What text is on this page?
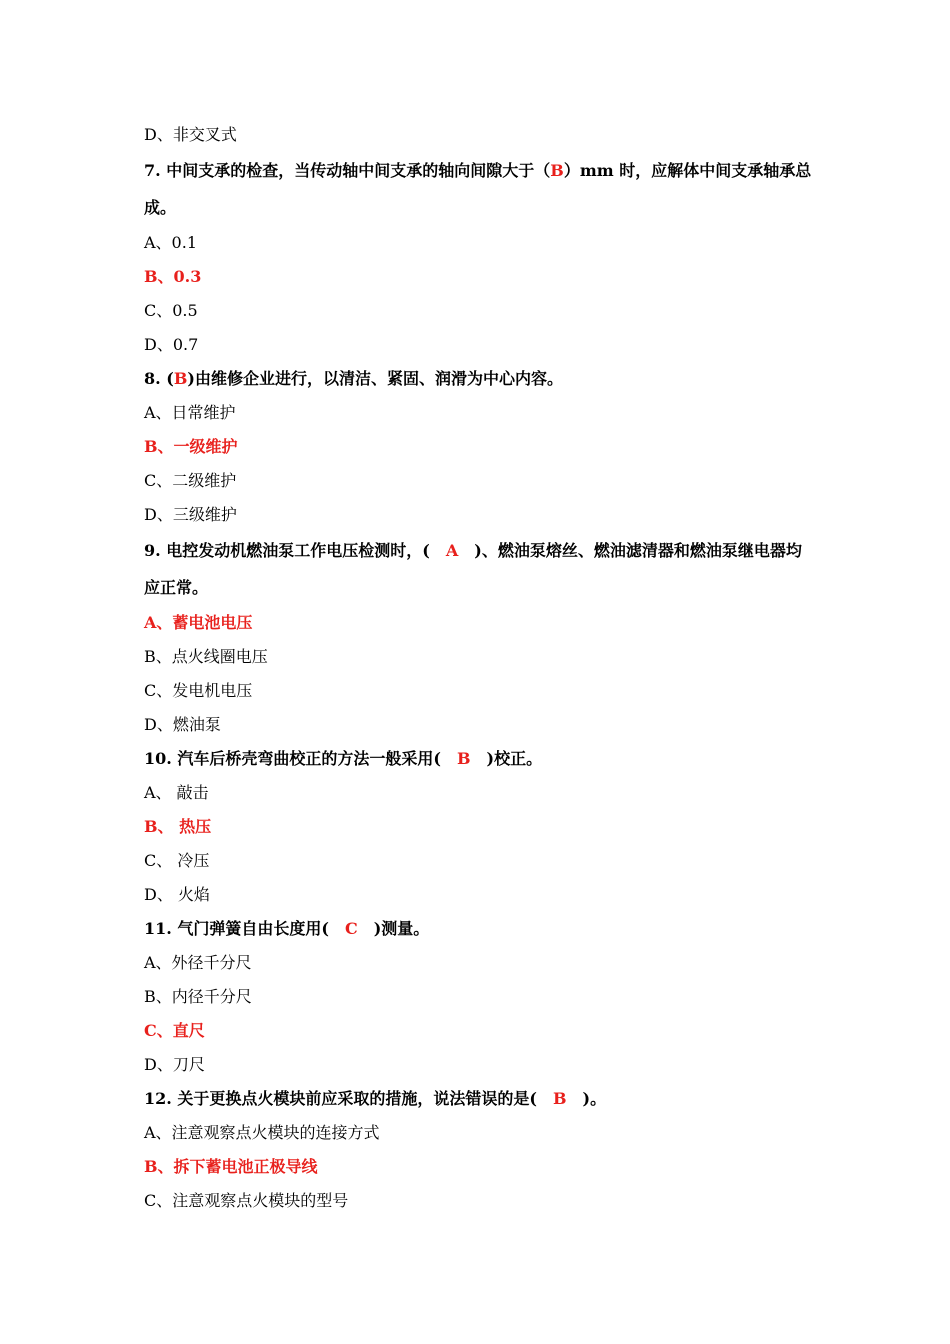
D、非交叉式
7. 中间支承的检查，当传动轴中间支承的轴向间隙大于（B）mm 时，应解体中间支承轴承总成。
A、0.1
B、0.3
C、0.5
D、0.7
8. (B)由维修企业进行，以清洁、紧固、润滑为中心内容。
A、日常维护
B、一级维护
C、二级维护
D、三级维护
9. 电控发动机燃油泵工作电压检测时，(　A　)、燃油泵熔丝、燃油滤清器和燃油泵继电器均应正常。
A、蓄电池电压
B、点火线圈电压
C、发电机电压
D、燃油泵
10. 汽车后桥壳弯曲校正的方法一般采用(　B　)校正。
A、 敲击
B、 热压
C、 冷压
D、 火焰
11. 气门弹簧自由长度用(　C　)测量。
A、外径千分尺
B、内径千分尺
C、直尺
D、刀尺
12. 关于更换点火模块前应采取的措施，说法错误的是(　B　)。
A、注意观察点火模块的连接方式
B、拆下蓄电池正极导线
C、注意观察点火模块的型号
